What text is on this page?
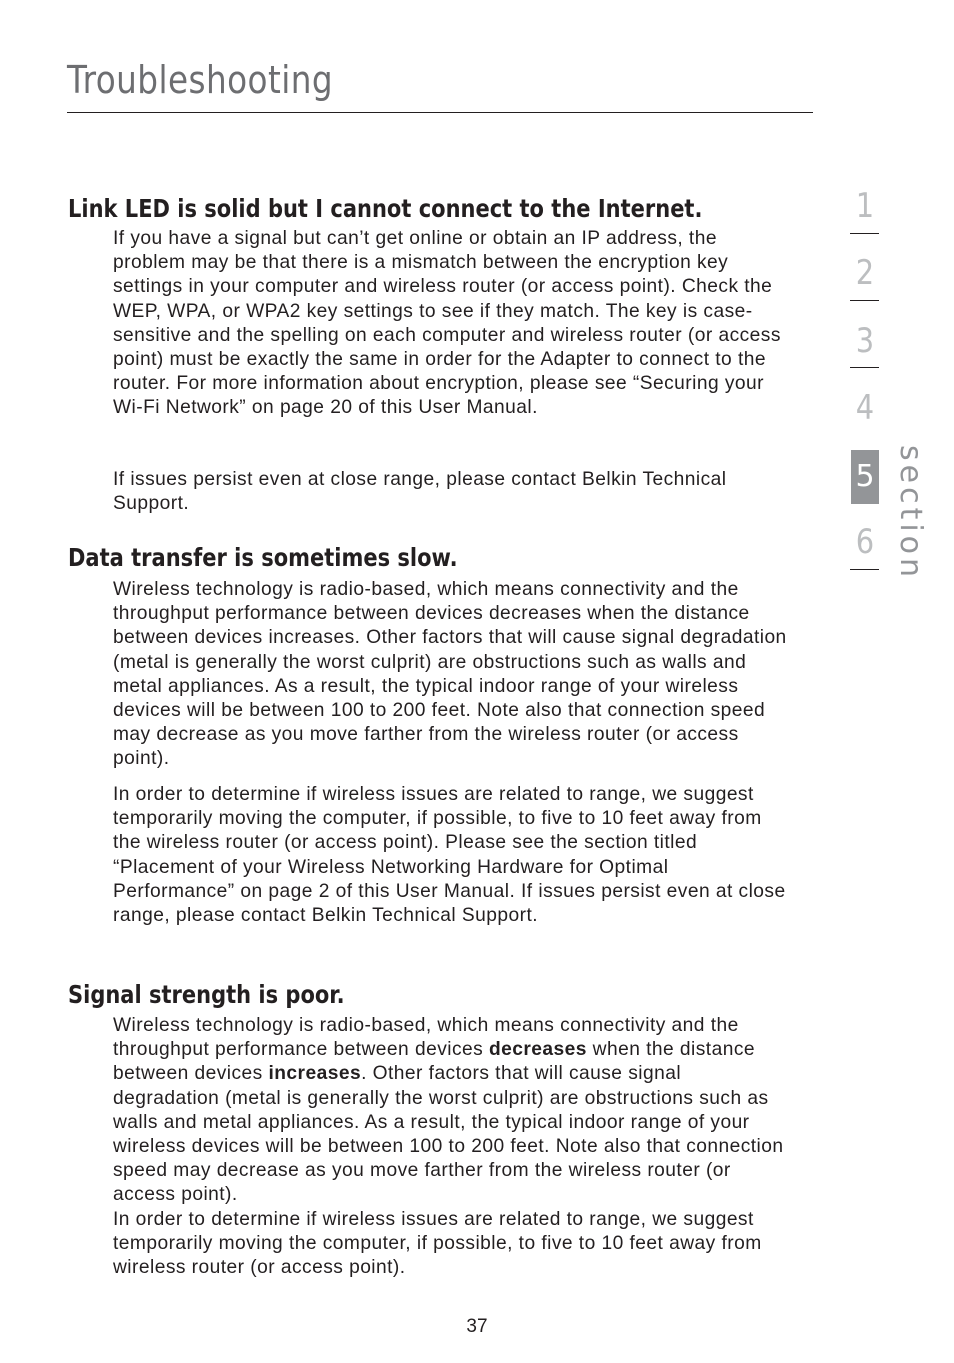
Troubleshooting
Link LED is solid but I cannot connect to the Internet.

If you have a signal but can’t get online or obtain an IP address, the problem may be that there is a mismatch between the encryption key settings in your computer and wireless router (or access point). Check the WEP, WPA, or WPA2 key settings to see if they match. The key is case-sensitive and the spelling on each computer and wireless router (or access point) must be exactly the same in order for the Adapter to connect to the router. For more information about encryption, please see “Securing your Wi-Fi Network” on page 20 of this User Manual.

If issues persist even at close range, please contact Belkin Technical Support.

Data transfer is sometimes slow.

Wireless technology is radio-based, which means connectivity and the throughput performance between devices decreases when the distance between devices increases. Other factors that will cause signal degradation (metal is generally the worst culprit) are obstructions such as walls and metal appliances. As a result, the typical indoor range of your wireless devices will be between 100 to 200 feet. Note also that connection speed may decrease as you move farther from the wireless router (or access point).

In order to determine if wireless issues are related to range, we suggest temporarily moving the computer, if possible, to five to 10 feet away from the wireless router (or access point). Please see the section titled “Placement of your Wireless Networking Hardware for Optimal Performance” on page 2 of this User Manual. If issues persist even at close range, please contact Belkin Technical Support.

Signal strength is poor.

Wireless technology is radio-based, which means connectivity and the throughput performance between devices decreases when the distance between devices increases. Other factors that will cause signal degradation (metal is generally the worst culprit) are obstructions such as walls and metal appliances. As a result, the typical indoor range of your wireless devices will be between 100 to 200 feet. Note also that connection speed may decrease as you move farther from the wireless router (or access point).
In order to determine if wireless issues are related to range, we suggest temporarily moving the computer, if possible, to five to 10 feet away from wireless router (or access point).

1
2
3
4
5
6 section
37
